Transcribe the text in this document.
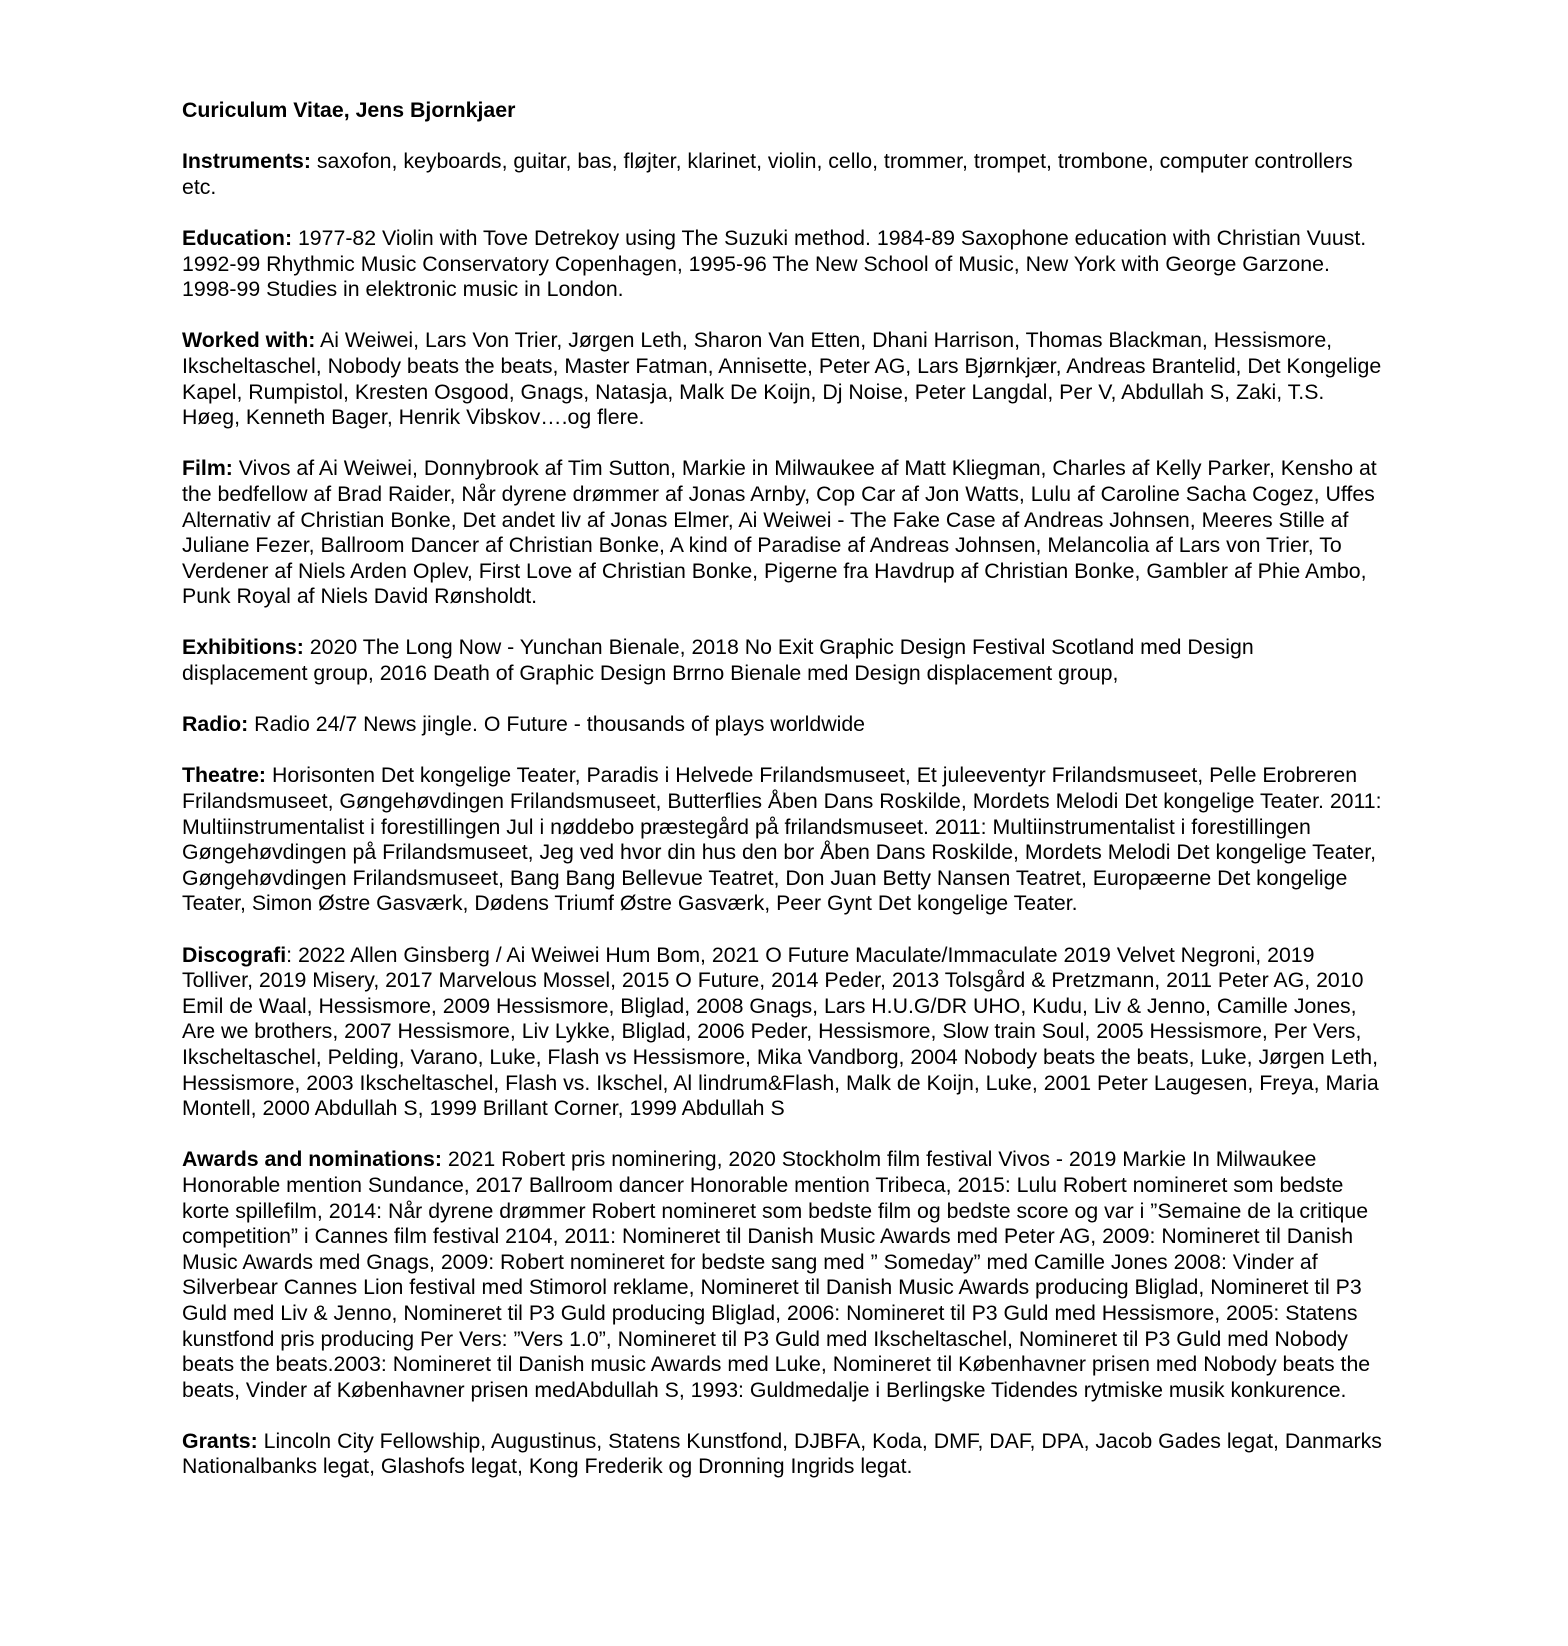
Curiculum Vitae, Jens Bjornkjaer
Instruments: saxofon, keyboards, guitar, bas, fløjter, klarinet, violin, cello, trommer, trompet, trombone, computer controllers etc.
Education: 1977-82 Violin with Tove Detrekoy using The Suzuki method. 1984-89 Saxophone education with Christian Vuust. 1992-99 Rhythmic Music Conservatory Copenhagen, 1995-96 The New School of Music, New York with George Garzone. 1998-99 Studies in elektronic music in London.
Worked with: Ai Weiwei, Lars Von Trier, Jørgen Leth, Sharon Van Etten, Dhani Harrison, Thomas Blackman, Hessismore, Ikscheltaschel, Nobody beats the beats, Master Fatman, Annisette, Peter AG, Lars Bjørnkjær, Andreas Brantelid, Det Kongelige Kapel, Rumpistol, Kresten Osgood, Gnags, Natasja, Malk De Koijn, Dj Noise, Peter Langdal, Per V, Abdullah S, Zaki, T.S. Høeg, Kenneth Bager, Henrik Vibskov….og flere.
Film: Vivos af Ai Weiwei, Donnybrook af Tim Sutton, Markie in Milwaukee af Matt Kliegman, Charles af Kelly Parker, Kensho at the bedfellow af Brad Raider, Når dyrene drømmer af Jonas Arnby, Cop Car af Jon Watts, Lulu af Caroline Sacha Cogez, Uffes Alternativ af Christian Bonke, Det andet liv af Jonas Elmer, Ai Weiwei - The Fake Case af Andreas Johnsen, Meeres Stille af Juliane Fezer, Ballroom Dancer af Christian Bonke, A kind of Paradise af Andreas Johnsen, Melancolia af Lars von Trier, To Verdener af Niels Arden Oplev, First Love af Christian Bonke, Pigerne fra Havdrup af Christian Bonke, Gambler af Phie Ambo, Punk Royal af Niels David Rønsholdt.
Exhibitions: 2020 The Long Now - Yunchan Bienale, 2018 No Exit Graphic Design Festival Scotland med Design displacement group, 2016 Death of Graphic Design Brrno Bienale med Design displacement group,
Radio: Radio 24/7 News jingle. O Future - thousands of plays worldwide
Theatre: Horisonten Det kongelige Teater, Paradis i Helvede Frilandsmuseet, Et juleeventyr Frilandsmuseet, Pelle Erobreren Frilandsmuseet, Gøngehøvdingen Frilandsmuseet, Butterflies Åben Dans Roskilde, Mordets Melodi Det kongelige Teater. 2011: Multiinstrumentalist i forestillingen Jul i nøddebo præstegård på frilandsmuseet. 2011: Multiinstrumentalist i forestillingen Gøngehøvdingen på Frilandsmuseet, Jeg ved hvor din hus den bor Åben Dans Roskilde, Mordets Melodi Det kongelige Teater, Gøngehøvdingen Frilandsmuseet, Bang Bang Bellevue Teatret, Don Juan Betty Nansen Teatret, Europæerne Det kongelige Teater, Simon Østre Gasværk, Dødens Triumf Østre Gasværk, Peer Gynt Det kongelige Teater.
Discografi: 2022 Allen Ginsberg / Ai Weiwei Hum Bom, 2021 O Future Maculate/Immaculate 2019 Velvet Negroni, 2019 Tolliver, 2019 Misery, 2017 Marvelous Mossel, 2015 O Future, 2014 Peder, 2013 Tolsgård & Pretzmann, 2011 Peter AG, 2010 Emil de Waal, Hessismore, 2009 Hessismore, Bliglad, 2008 Gnags, Lars H.U.G/DR UHO, Kudu, Liv & Jenno, Camille Jones, Are we brothers, 2007 Hessismore, Liv Lykke, Bliglad, 2006 Peder, Hessismore, Slow train Soul, 2005 Hessismore, Per Vers, Ikscheltaschel, Pelding, Varano, Luke, Flash vs Hessismore, Mika Vandborg, 2004 Nobody beats the beats, Luke, Jørgen Leth, Hessismore, 2003 Ikscheltaschel, Flash vs. Ikschel, Al lindrum&Flash, Malk de Koijn, Luke, 2001 Peter Laugesen, Freya, Maria Montell, 2000 Abdullah S, 1999 Brillant Corner, 1999 Abdullah S
Awards and nominations: 2021 Robert pris nominering, 2020 Stockholm film festival Vivos - 2019 Markie In Milwaukee Honorable mention Sundance, 2017 Ballroom dancer Honorable mention Tribeca, 2015: Lulu Robert nomineret som bedste korte spillefilm, 2014: Når dyrene drømmer Robert nomineret som bedste film og bedste score og var i ”Semaine de la critique competition” i Cannes film festival 2104, 2011: Nomineret til Danish Music Awards med Peter AG, 2009: Nomineret til Danish Music Awards med Gnags, 2009: Robert nomineret for bedste sang med ” Someday” med Camille Jones 2008: Vinder af Silverbear Cannes Lion festival med Stimorol reklame, Nomineret til Danish Music Awards producing Bliglad, Nomineret til P3 Guld med Liv & Jenno, Nomineret til P3 Guld producing Bliglad, 2006: Nomineret til P3 Guld med Hessismore, 2005: Statens kunstfond pris producing Per Vers: ”Vers 1.0”, Nomineret til P3 Guld med Ikscheltaschel, Nomineret til P3 Guld med Nobody beats the beats.2003: Nomineret til Danish music Awards med Luke, Nomineret til Københavner prisen med Nobody beats the beats, Vinder af Københavner prisen medAbdullah S, 1993: Guldmedalje i Berlingske Tidendes rytmiske musik konkurence.
Grants: Lincoln City Fellowship, Augustinus, Statens Kunstfond, DJBFA, Koda, DMF, DAF, DPA, Jacob Gades legat, Danmarks Nationalbanks legat, Glashofs legat, Kong Frederik og Dronning Ingrids legat.
